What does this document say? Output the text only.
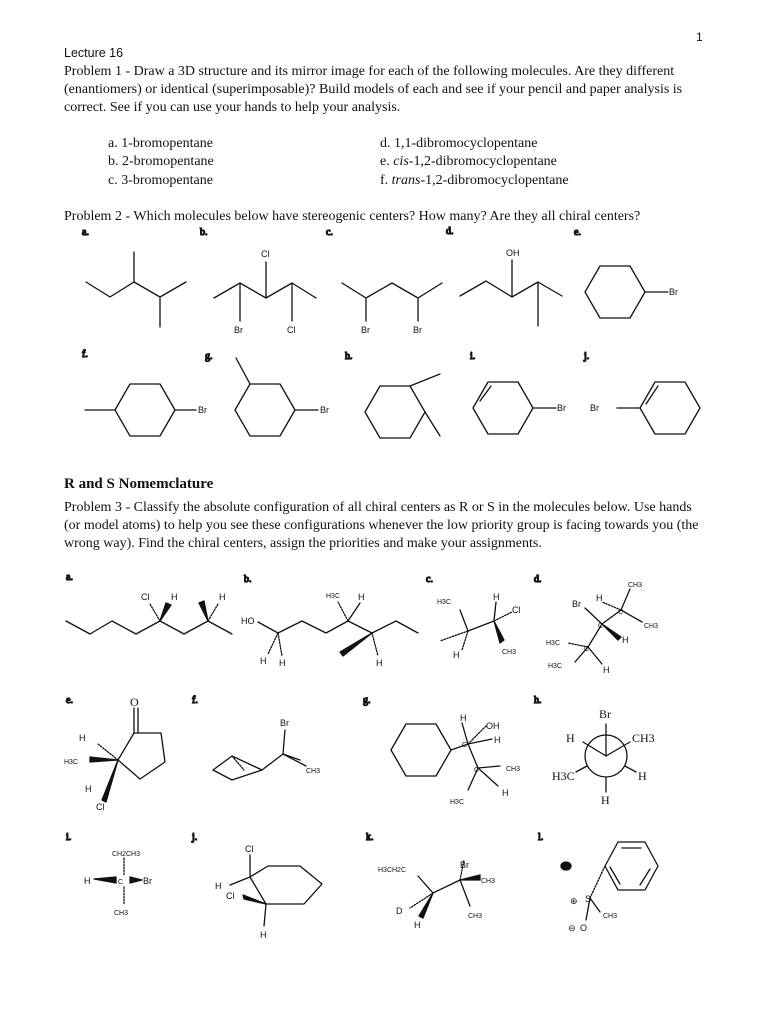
1
Lecture 16
Problem 1 - Draw a 3D structure and its mirror image for each of the following molecules. Are they different (enantiomers) or identical (superimposable)? Build models of each and see if your pencil and paper analysis is correct. See if you can use your hands to help your analysis.
a. 1-bromopentane
b. 2-bromopentane
c. 3-bromopentane
d. 1,1-dibromocyclopentane
e. cis-1,2-dibromocyclopentane
f. trans-1,2-dibromocyclopentane
Problem 2 - Which molecules below have stereogenic centers? How many? Are they all chiral centers?
R and S Nomemclature
Problem 3 - Classify the absolute configuration of all chiral centers as R or S in the molecules below. Use hands (or model atoms) to help you see these configurations whenever the low priority group is facing towards you (the wrong way). Find the chiral centers, assign the priorities and make your assignments.
a.	b.	c.	d.	e.
f.	g.	h.	i.	j.
Cl
Br	Cl	Br	Br
OH
Br
Br	Br	Br	Br
a.	b.	c.	d.
e.	f.	g.	h.
i.	j.	k.	l.
Cl H	H
HO
H3C H
H
H H
H3C
H
Cl
CH3
H
CH3
H
C
CH3
Br
C
H
H3C
C
H3C	H
O
H
H3C
H
Cl
Br
CH3
H
OH
H
C
C	CH3
H
H3C
Br
H	CH3
H3C	H
H
CH2CH3
H	C Br
CH3
Cl
H
Cl
H
H3CH2C
Br
CH3
D
H
CH3
S
⊕
CH3
⊖ O
